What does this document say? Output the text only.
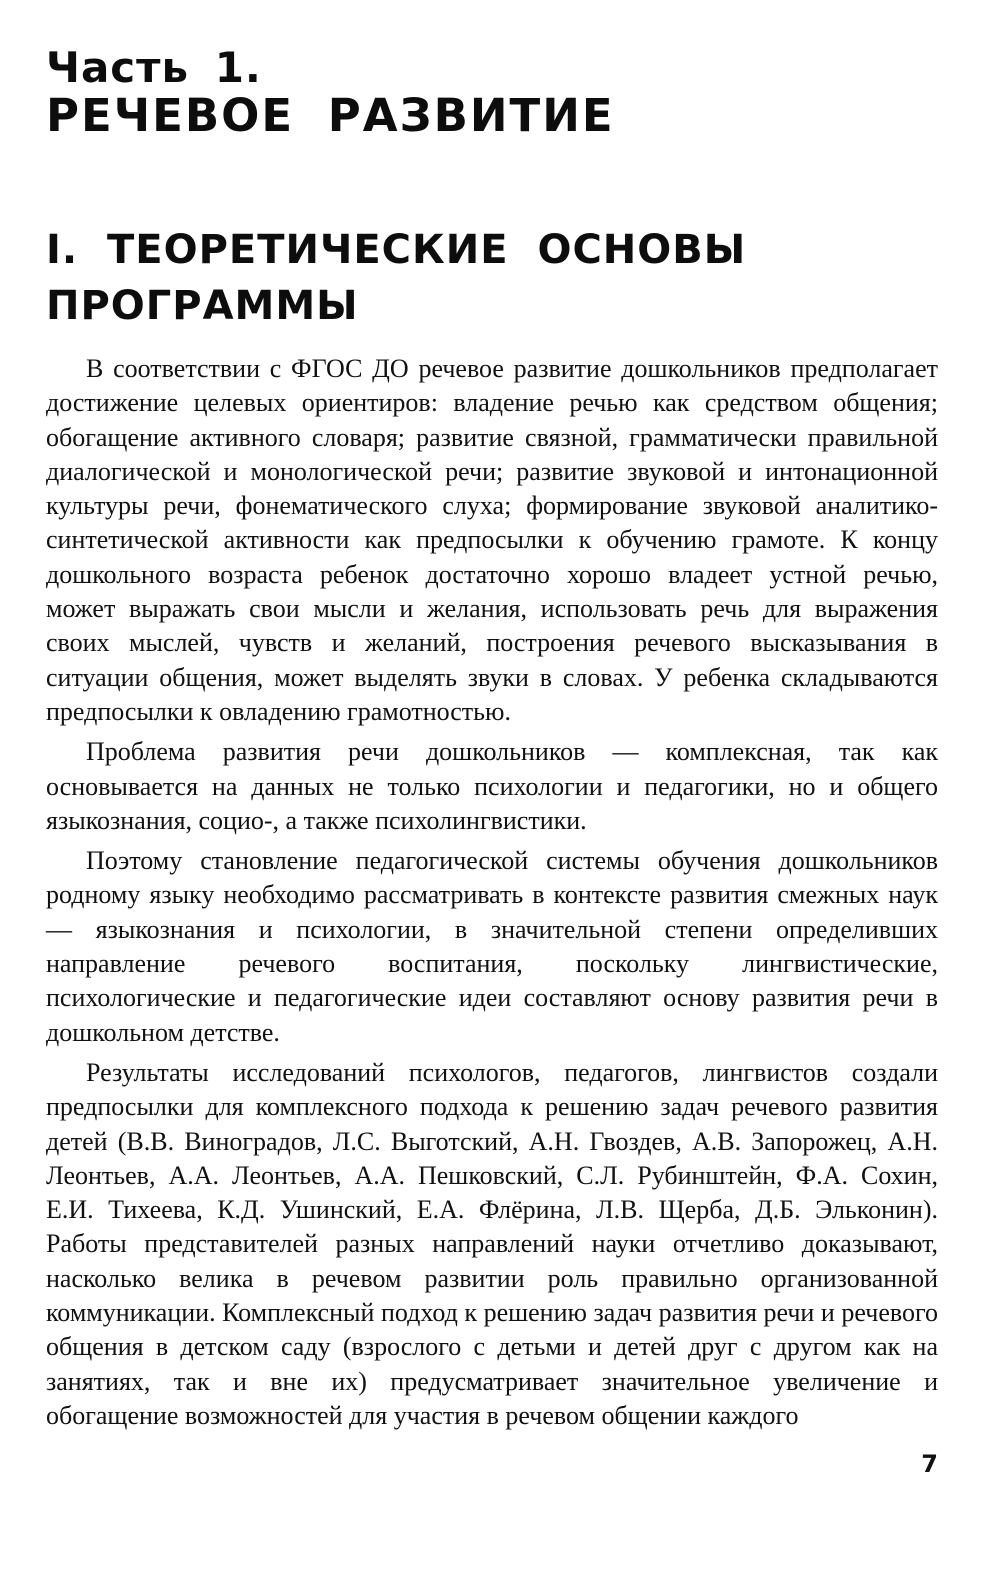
Часть 1.
РЕЧЕВОЕ РАЗВИТИЕ
I. ТЕОРЕТИЧЕСКИЕ ОСНОВЫ ПРОГРАММЫ

В соответствии с ФГОС ДО речевое развитие дошкольников предполагает достижение целевых ориентиров: владение речью как средством общения; обогащение активного словаря; развитие связной, грамматически правильной диалогической и монологической речи; развитие звуковой и интонационной культуры речи, фонематического слуха; формирование звуковой аналитико-синтетической активности как предпосылки к обучению грамоте. К концу дошкольного возраста ребенок достаточно хорошо владеет устной речью, может выражать свои мысли и желания, использовать речь для выражения своих мыслей, чувств и желаний, построения речевого высказывания в ситуации общения, может выделять звуки в словах. У ребенка складываются предпосылки к овладению грамотностью.

Проблема развития речи дошкольников — комплексная, так как основывается на данных не только психологии и педагогики, но и общего языкознания, социо-, а также психолингвистики.

Поэтому становление педагогической системы обучения дошкольников родному языку необходимо рассматривать в контексте развития смежных наук — языкознания и психологии, в значительной степени определивших направление речевого воспитания, поскольку лингвистические, психологические и педагогические идеи составляют основу развития речи в дошкольном детстве.

Результаты исследований психологов, педагогов, лингвистов создали предпосылки для комплексного подхода к решению задач речевого развития детей (В.В. Виноградов, Л.С. Выготский, А.Н. Гвоздев, А.В. Запорожец, А.Н. Леонтьев, А.А. Леонтьев, А.А. Пешковский, С.Л. Рубинштейн, Ф.А. Сохин, Е.И. Тихеева, К.Д. Ушинский, Е.А. Флёрина, Л.В. Щерба, Д.Б. Эльконин). Работы представителей разных направлений науки отчетливо доказывают, насколько велика в речевом развитии роль правильно организованной коммуникации. Комплексный подход к решению задач развития речи и речевого общения в детском саду (взрослого с детьми и детей друг с другом как на занятиях, так и вне их) предусматривает значительное увеличение и обогащение возможностей для участия в речевом общении каждого

7
